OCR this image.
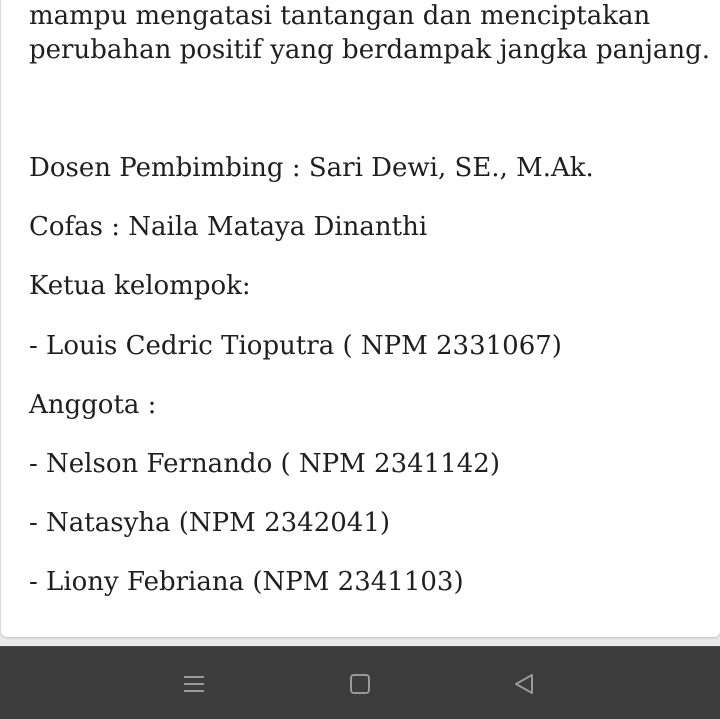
mampu mengatasi tantangan dan menciptakan
perubahan positif yang berdampak jangka panjang.
Dosen Pembimbing : Sari Dewi, SE., M.Ak.
Cofas : Naila Mataya Dinanthi
Ketua kelompok:
- Louis Cedric Tioputra ( NPM 2331067)
Anggota :
- Nelson Fernando ( NPM 2341142)
- Natasyha (NPM 2342041)
- Liony Febriana (NPM 2341103)
